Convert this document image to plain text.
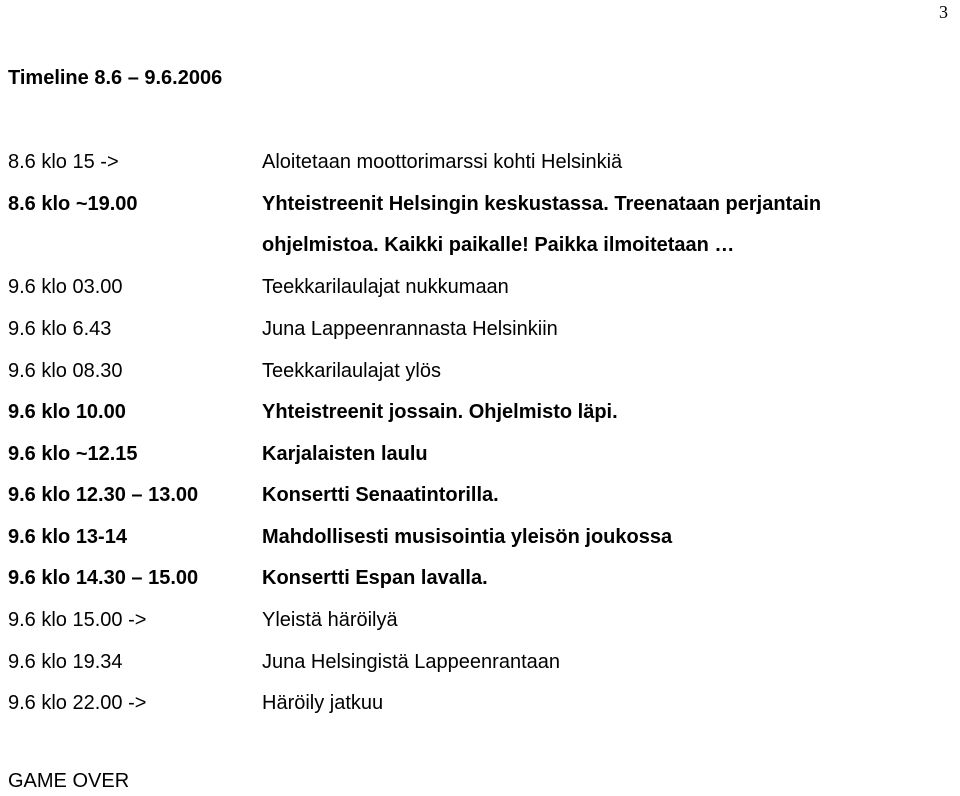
3
Timeline 8.6 – 9.6.2006
8.6 klo 15 ->	Aloitetaan moottorimarssi kohti Helsinkiä
8.6 klo ~19.00	Yhteistreenit Helsingin keskustassa. Treenataan perjantain
ohjelmistoa. Kaikki paikalle! Paikka ilmoitetaan …
9.6 klo 03.00	Teekkarilaulajat nukkumaan
9.6 klo 6.43	Juna Lappeenrannasta Helsinkiin
9.6 klo 08.30	Teekkarilaulajat ylös
9.6 klo 10.00	Yhteistreenit jossain. Ohjelmisto läpi.
9.6 klo ~12.15	Karjalaisten laulu
9.6 klo 12.30 – 13.00	Konsertti Senaatintorilla.
9.6 klo 13-14	Mahdollisesti musisointia yleisön joukossa
9.6 klo 14.30 – 15.00	Konsertti Espan lavalla.
9.6 klo 15.00 ->	Yleistä häröilyä
9.6 klo 19.34	Juna Helsingistä Lappeenrantaan
9.6 klo 22.00 ->	Häröily jatkuu
GAME OVER
